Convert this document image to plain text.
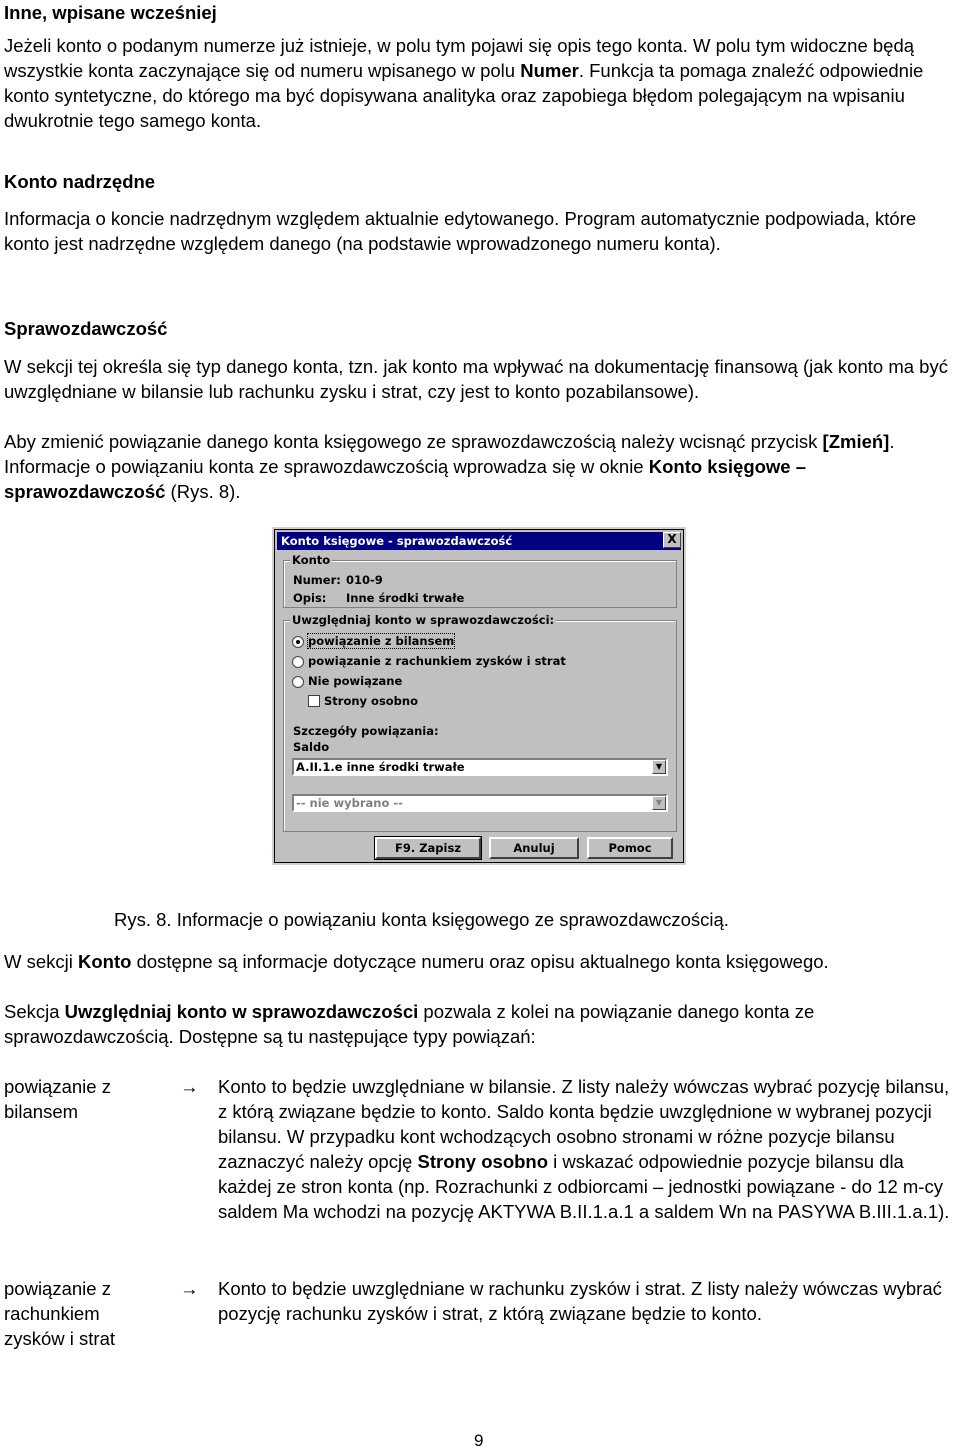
Inne, wpisane wcześniej

Jeżeli konto o podanym numerze już istnieje, w polu tym pojawi się opis tego konta. W polu tym widoczne będą wszystkie konta zaczynające się od numeru wpisanego w polu Numer. Funkcja ta pomaga znaleźć odpowiednie konto syntetyczne, do którego ma być dopisywana analityka oraz zapobiega błędom polegającym na wpisaniu dwukrotnie tego samego konta.

Konto nadrzędne

Informacja o koncie nadrzędnym względem aktualnie edytowanego. Program automatycznie podpowiada, które konto jest nadrzędne względem danego (na podstawie wprowadzonego numeru konta).

Sprawozdawczość

W sekcji tej określa się typ danego konta, tzn. jak konto ma wpływać na dokumentację finansową (jak konto ma być uwzględniane w bilansie lub rachunku zysku i strat, czy jest to konto pozabilansowe).

Aby zmienić powiązanie danego konta księgowego ze sprawozdawczością należy wcisnąć przycisk [Zmień]. Informacje o powiązaniu konta ze sprawozdawczością wprowadza się w oknie Konto księgowe – sprawozdawczość (Rys. 8).

Rys. 8. Informacje o powiązaniu konta księgowego ze sprawozdawczością.

W sekcji Konto dostępne są informacje dotyczące numeru oraz opisu aktualnego konta księgowego.

Sekcja Uwzględniaj konto w sprawozdawczości pozwala z kolei na powiązanie danego konta ze sprawozdawczością. Dostępne są tu następujące typy powiązań:

powiązanie z bilansem
→	Konto to będzie uwzględniane w bilansie. Z listy należy wówczas wybrać pozycję bilansu, z którą związane będzie to konto. Saldo konta będzie uwzględnione w wybranej pozycji bilansu. W przypadku kont wchodzących osobno stronami w różne pozycje bilansu zaznaczyć należy opcję Strony osobno i wskazać odpowiednie pozycje bilansu dla każdej ze stron konta (np. Rozrachunki z odbiorcami – jednostki powiązane - do 12 m-cy saldem Ma wchodzi na pozycję AKTYWA B.II.1.a.1 a saldem Wn na PASYWA B.III.1.a.1).
powiązanie z rachunkiem zysków i strat
→	Konto to będzie uwzględniane w rachunku zysków i strat. Z listy należy wówczas wybrać pozycję rachunku zysków i strat, z którą związane będzie to konto.
9
Konto księgowe - sprawozdawczość	X
Konto
Numer: 010-9
Opis: Inne środki trwałe
Uwzględniaj konto w sprawozdawczości:
powiązanie z bilansem
powiązanie z rachunkiem zysków i strat
Nie powiązane
Strony osobno
Szczegóły powiązania:
Saldo
A.II.1.e inne środki trwałe	▼
-- nie wybrano --	▼
F9. Zapisz	Anuluj	Pomoc
